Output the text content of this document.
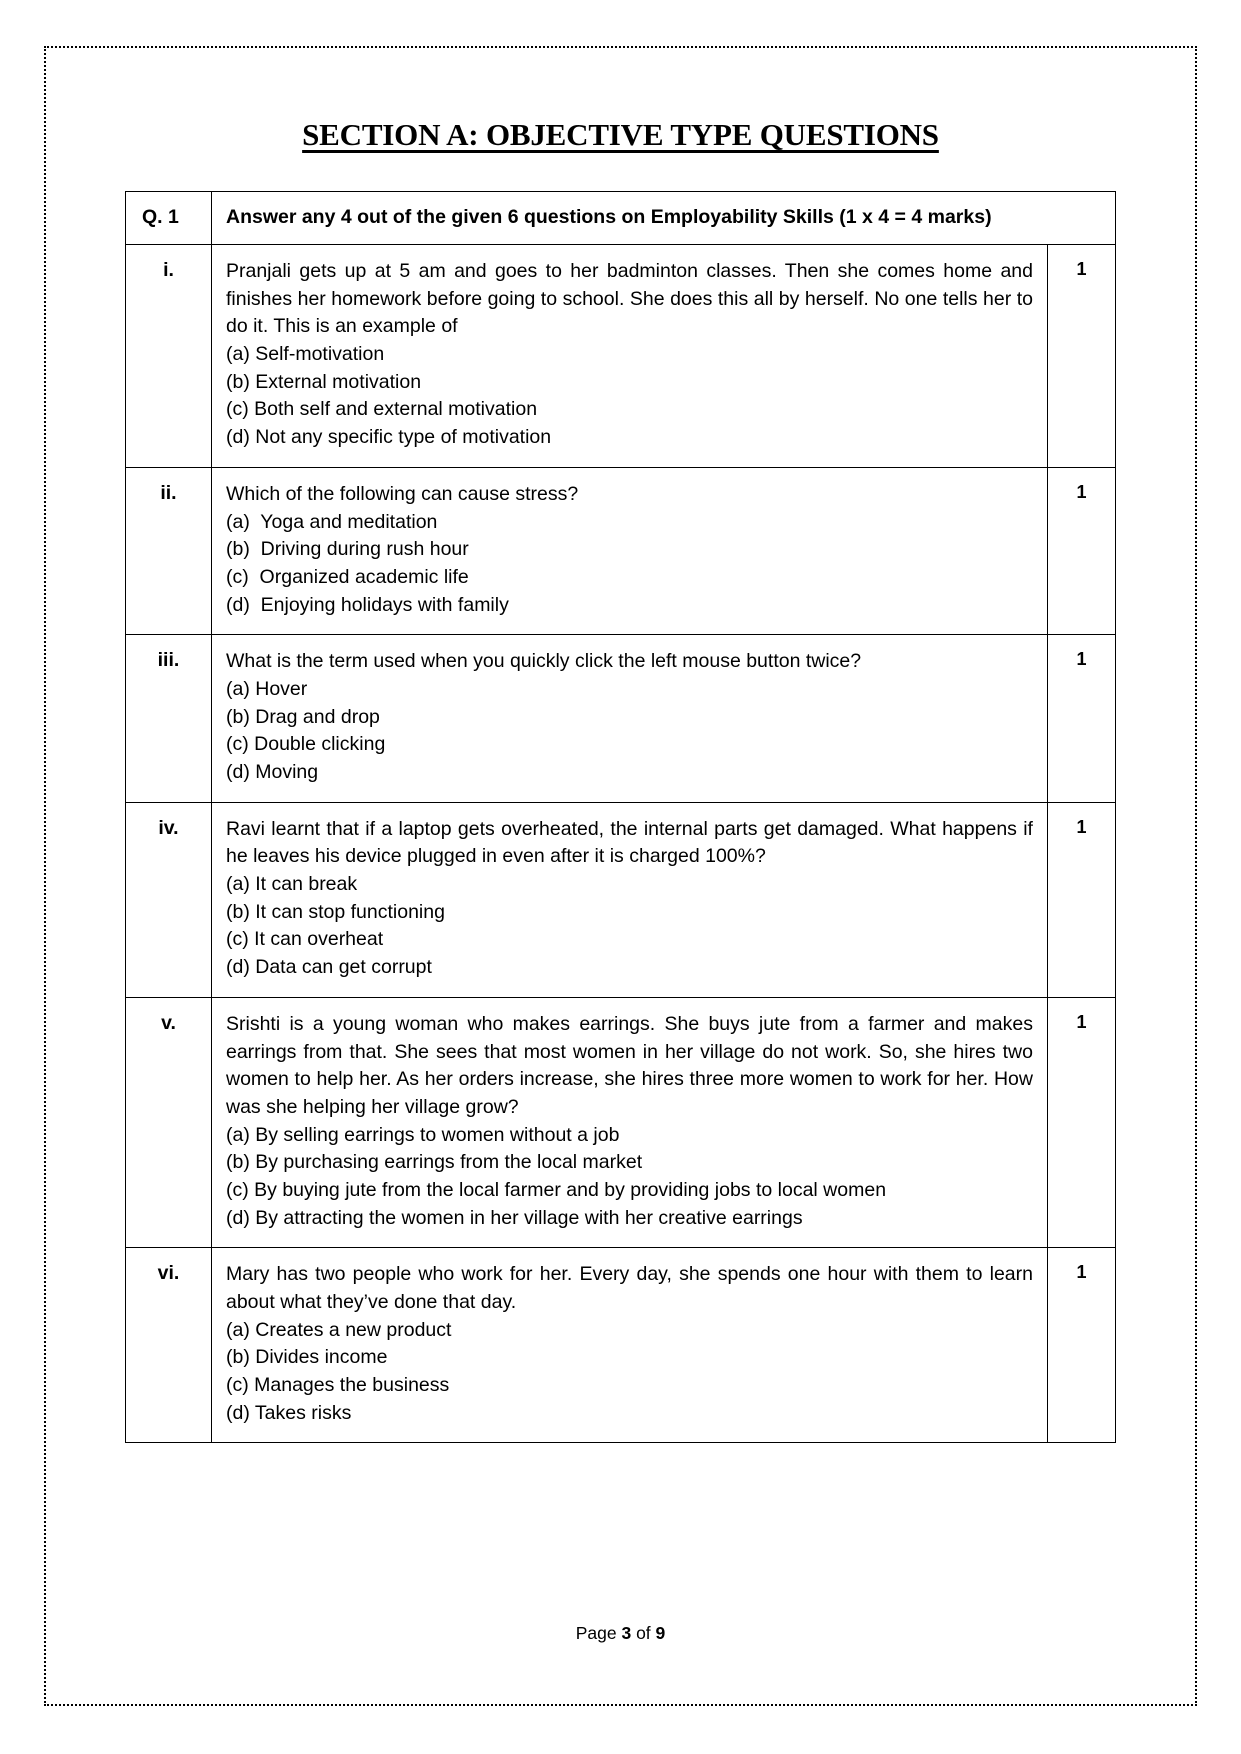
SECTION A: OBJECTIVE TYPE QUESTIONS
Q. 1	Answer any 4 out of the given 6 questions on Employability Skills (1 x 4 = 4 marks)	
i.	Pranjali gets up at 5 am and goes to her badminton classes. Then she comes home and finishes her homework before going to school. She does this all by herself. No one tells her to do it. This is an example of

(a) Self-motivation
(b) External motivation
(c) Both self and external motivation
(d) Not any specific type of motivation
	1
ii.	Which of the following can cause stress?

(a)  Yoga and meditation
(b)  Driving during rush hour
(c)  Organized academic life
(d)  Enjoying holidays with family
	1
iii.	What is the term used when you quickly click the left mouse button twice?

(a) Hover
(b) Drag and drop
(c) Double clicking
(d) Moving
	1
iv.	Ravi learnt that if a laptop gets overheated, the internal parts get damaged. What happens if he leaves his device plugged in even after it is charged 100%?

(a) It can break
(b) It can stop functioning
(c) It can overheat
(d) Data can get corrupt
	1
v.	Srishti is a young woman who makes earrings. She buys jute from a farmer and makes earrings from that. She sees that most women in her village do not work. So, she hires two women to help her. As her orders increase, she hires three more women to work for her. How was she helping her village grow?

(a) By selling earrings to women without a job
(b) By purchasing earrings from the local market
(c) By buying jute from the local farmer and by providing jobs to local women
(d) By attracting the women in her village with her creative earrings
	1
vi.	Mary has two people who work for her. Every day, she spends one hour with them to learn about what they’ve done that day.

(a) Creates a new product
(b) Divides income
(c) Manages the business
(d) Takes risks
	1
Page 3 of 9
